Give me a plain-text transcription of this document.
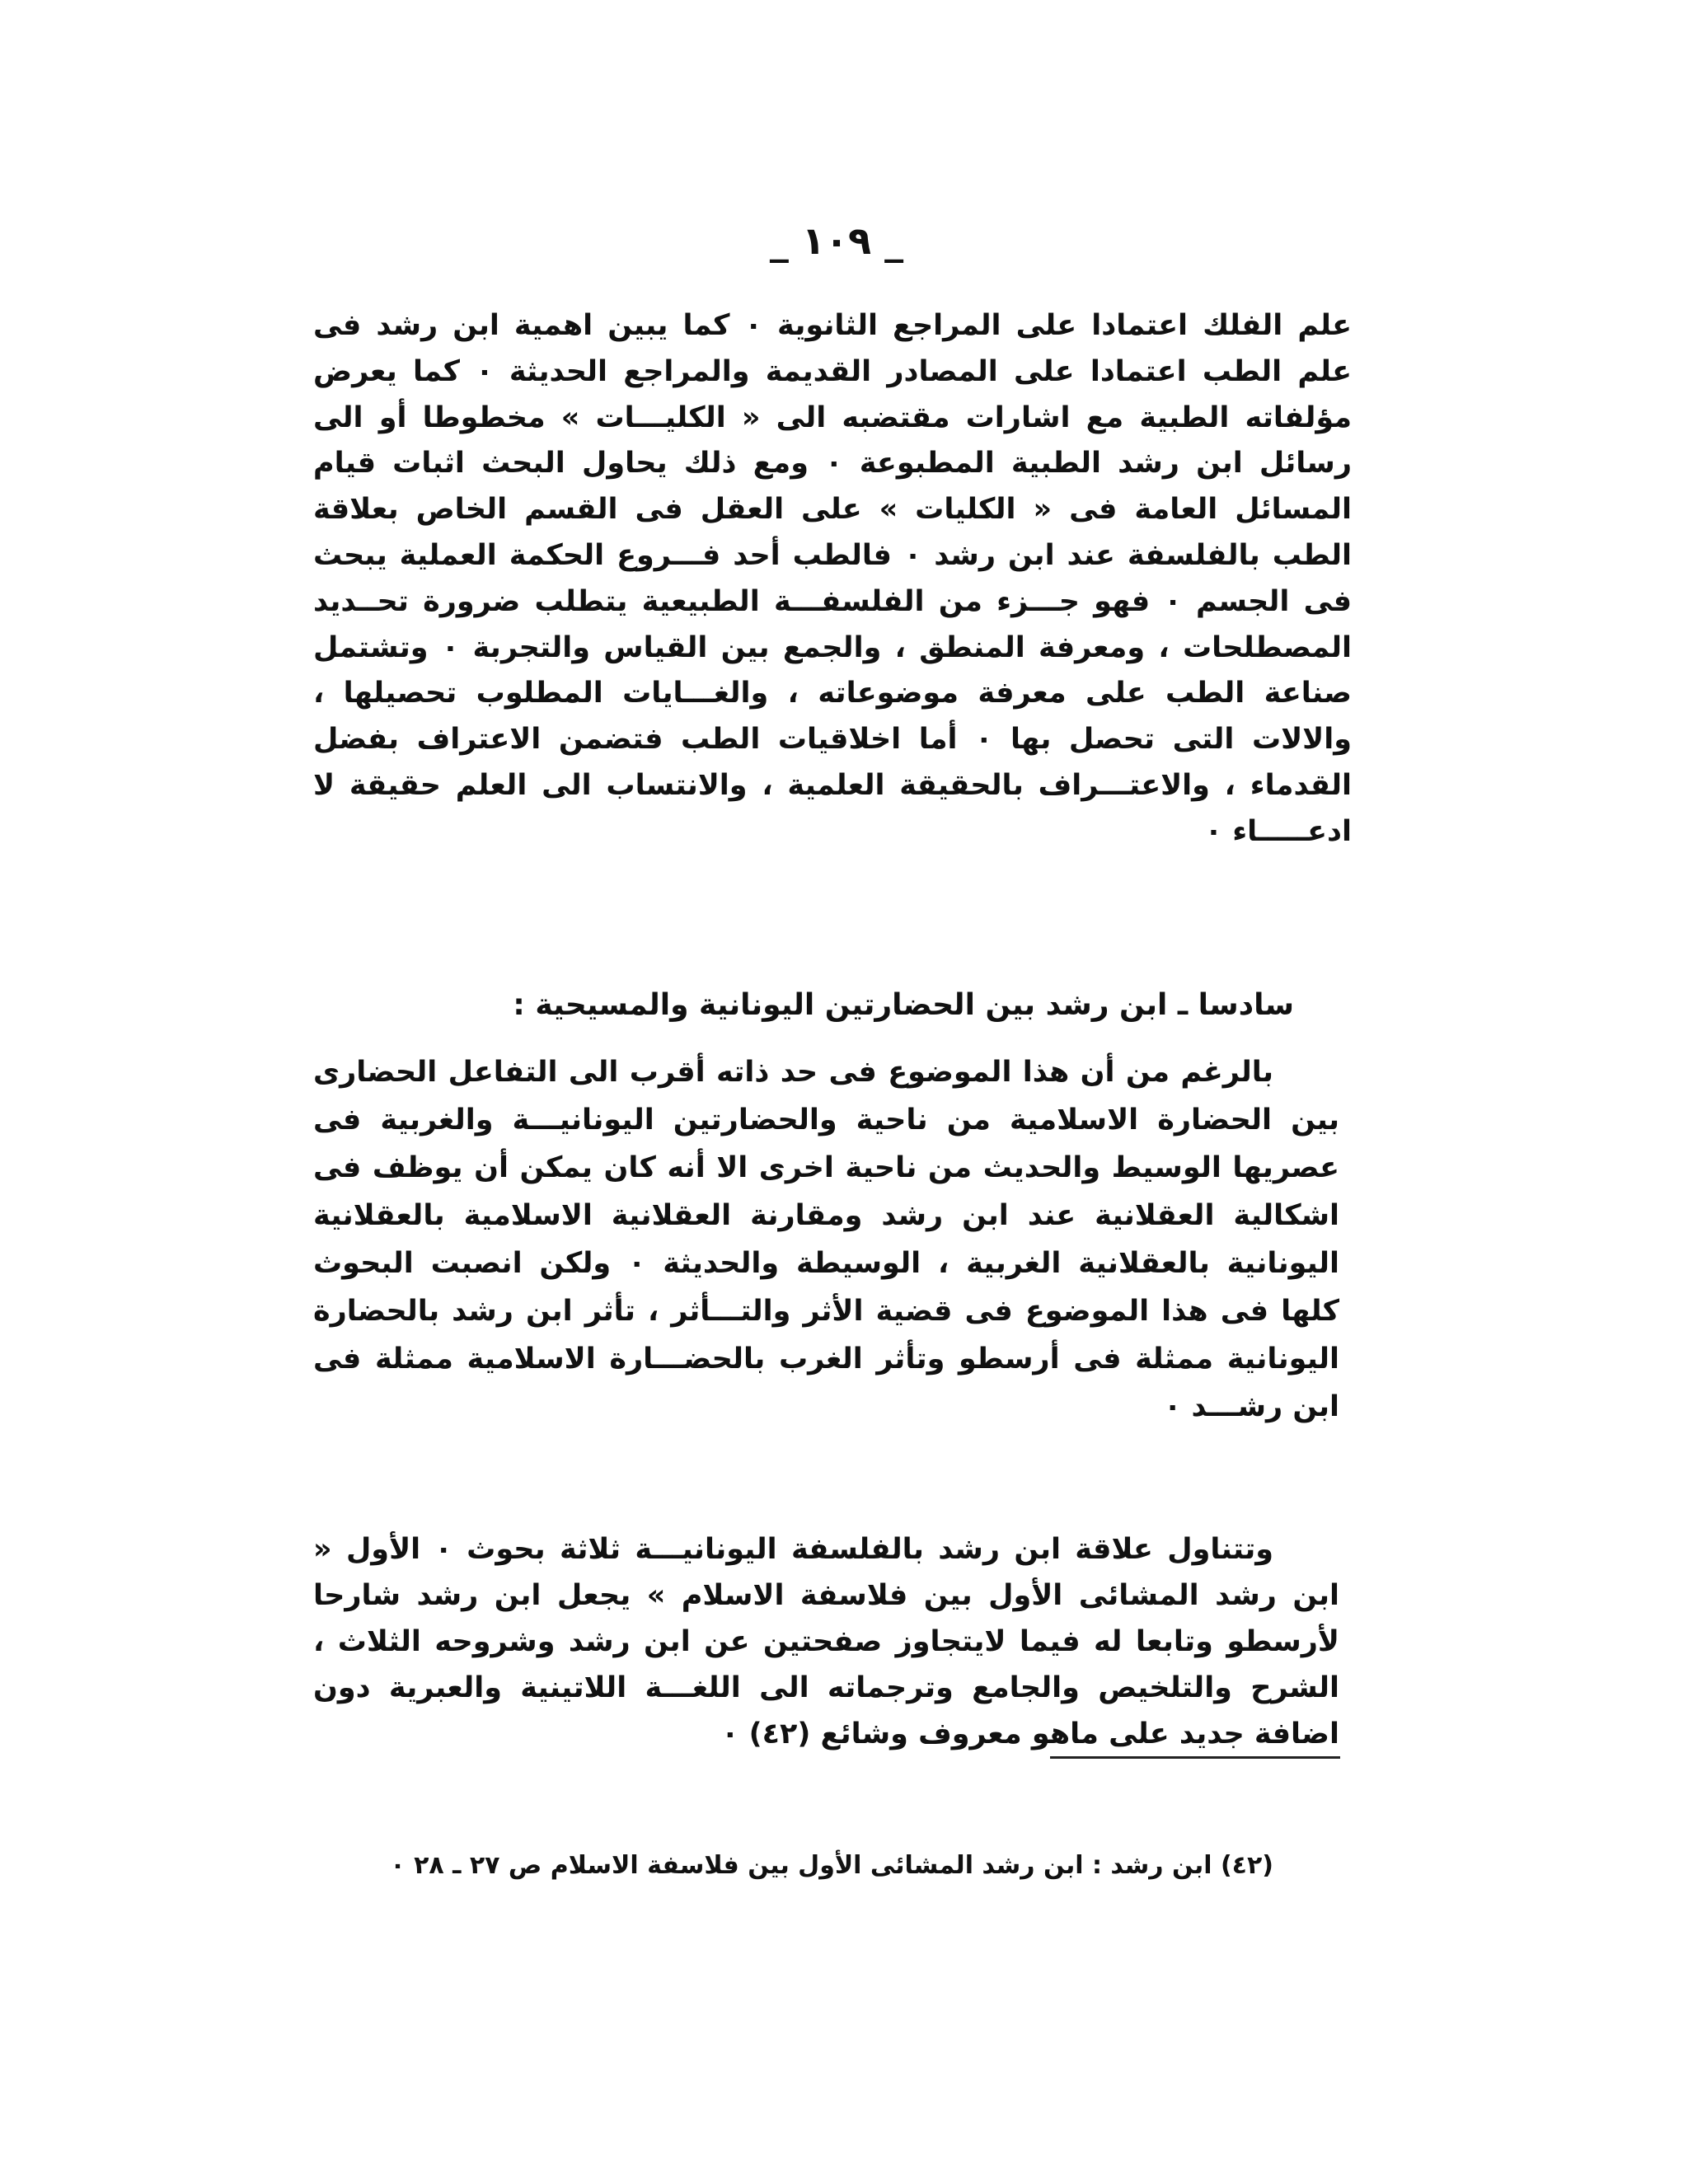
_ ١٠٩ _

علم الفلك اعتمادا على المراجع الثانوية ٠ كما يبين اهمية ابن رشد فى علم الطب اعتمادا على المصادر القديمة والمراجع الحديثة ٠ كما يعرض مؤلفاته الطبية مع اشارات مقتضبه الى « الكليـــات » مخطوطا أو الى رسائل ابن رشد الطبية المطبوعة ٠ ومع ذلك يحاول البحث اثبات قيام المسائل العامة فى « الكليات » على العقل فى القسم الخاص بعلاقة الطب بالفلسفة عند ابن رشد ٠ فالطب أحد فـــروع الحكمة العملية يبحث فى الجسم ٠ فهو جـــزء من الفلسفـــة الطبيعية يتطلب ضرورة تحــديد المصطلحات ، ومعرفة المنطق ، والجمع بين القياس والتجربة ٠ وتشتمل صناعة الطب على معرفة موضوعاته ، والغـــايات المطلوب تحصيلها ، والالات التى تحصل بها ٠ أما اخلاقيات الطب فتضمن الاعتراف بفضل القدماء ، والاعتـــراف بالحقيقة العلمية ، والانتساب الى العلم حقيقة لا ادعـــــاء ٠

سادسا ـ ابن رشد بين الحضارتين اليونانية والمسيحية :

بالرغم من أن هذا الموضوع فى حد ذاته أقرب الى التفاعل الحضارى بين الحضارة الاسلامية من ناحية والحضارتين اليونانيـــة والغربية فى عصريها الوسيط والحديث من ناحية اخرى الا أنه كان يمكن أن يوظف فى اشكالية العقلانية عند ابن رشد ومقارنة العقلانية الاسلامية بالعقلانية اليونانية بالعقلانية الغربية ، الوسيطة والحديثة ٠ ولكن انصبت البحوث كلها فى هذا الموضوع فى قضية الأثر والتـــأثر ، تأثر ابن رشد بالحضارة اليونانية ممثلة فى أرسطو وتأثر الغرب بالحضـــارة الاسلامية ممثلة فى ابن رشـــد ٠

وتتناول علاقة ابن رشد بالفلسفة اليونانيـــة ثلاثة بحوث ٠ الأول « ابن رشد المشائى الأول بين فلاسفة الاسلام » يجعل ابن رشد شارحا لأرسطو وتابعا له فيما لايتجاوز صفحتين عن ابن رشد وشروحه الثلاث ، الشرح والتلخيص والجامع وترجماته الى اللغـــة اللاتينية والعبرية دون اضافة جديد على ماهو معروف وشائع (٤٢) ٠

(٤٢) ابن رشد : ابن رشد المشائى الأول بين فلاسفة الاسلام ص ٢٧ ـ ٢٨ ٠
